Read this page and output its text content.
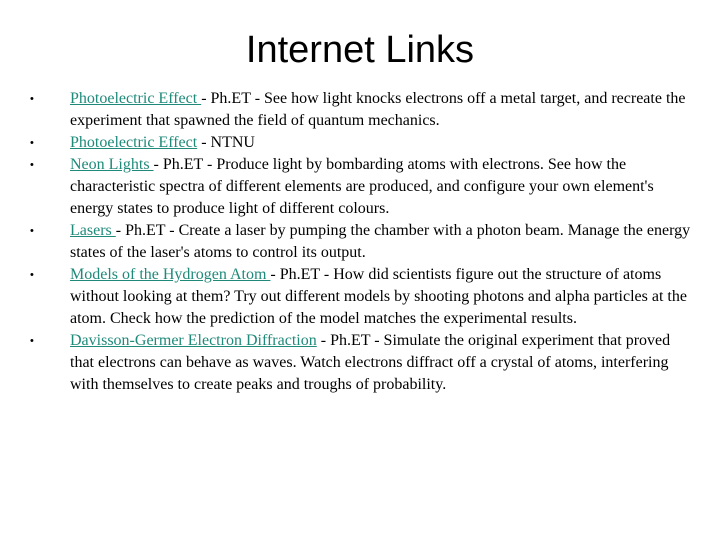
Internet Links
• Photoelectric Effect - Ph.ET - See how light knocks electrons off a metal target, and recreate the experiment that spawned the field of quantum mechanics.
• Photoelectric Effect - NTNU
• Neon Lights - Ph.ET - Produce light by bombarding atoms with electrons. See how the characteristic spectra of different elements are produced, and configure your own element's energy states to produce light of different colours.
• Lasers - Ph.ET - Create a laser by pumping the chamber with a photon beam. Manage the energy states of the laser's atoms to control its output.
• Models of the Hydrogen Atom - Ph.ET - How did scientists figure out the structure of atoms without looking at them? Try out different models by shooting photons and alpha particles at the atom. Check how the prediction of the model matches the experimental results.
• Davisson-Germer Electron Diffraction - Ph.ET - Simulate the original experiment that proved that electrons can behave as waves. Watch electrons diffract off a crystal of atoms, interfering with themselves to create peaks and troughs of probability.
